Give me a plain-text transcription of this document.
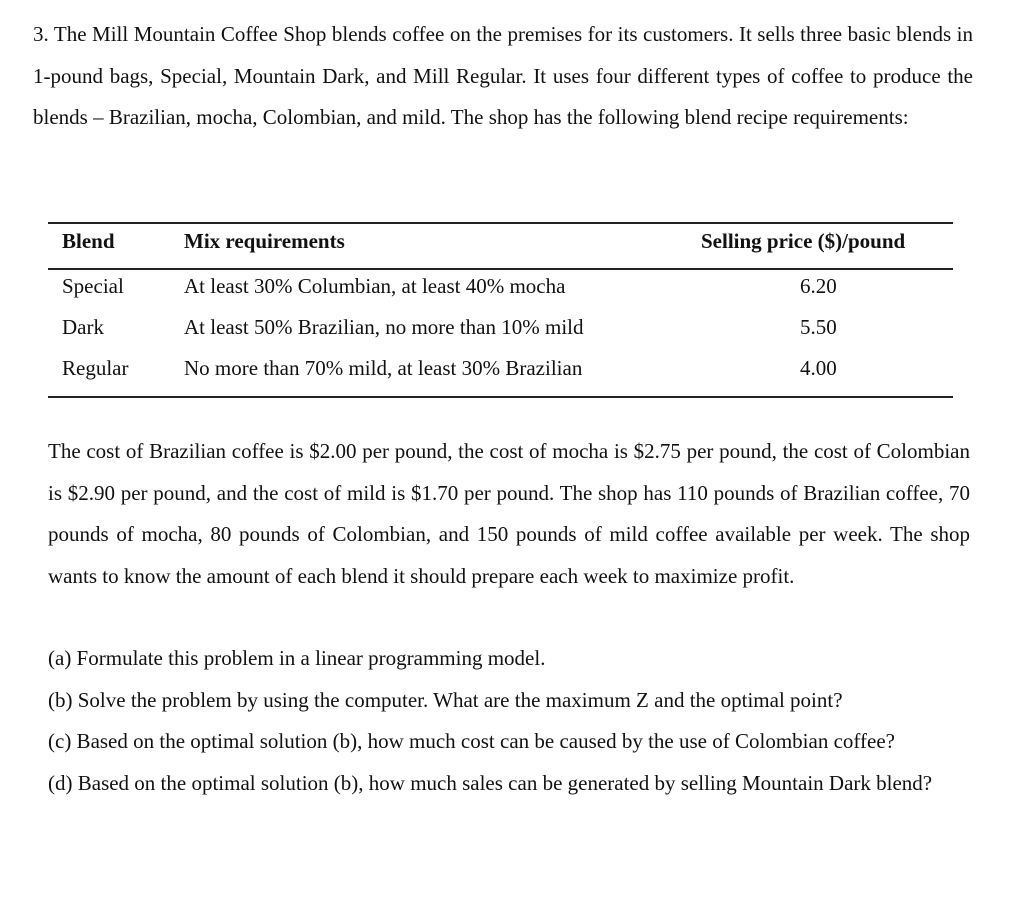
3. The Mill Mountain Coffee Shop blends coffee on the premises for its customers. It sells three basic blends in 1-pound bags, Special, Mountain Dark, and Mill Regular. It uses four different types of coffee to produce the blends – Brazilian, mocha, Colombian, and mild. The shop has the following blend recipe requirements:

Blend	Mix requirements	Selling price ($)/pound
Special	At least 30% Columbian, at least 40% mocha	6.20
Dark	At least 50% Brazilian, no more than 10% mild	5.50
Regular	No more than 70% mild, at least 30% Brazilian	4.00

The cost of Brazilian coffee is $2.00 per pound, the cost of mocha is $2.75 per pound, the cost of Colombian is $2.90 per pound, and the cost of mild is $1.70 per pound. The shop has 110 pounds of Brazilian coffee, 70 pounds of mocha, 80 pounds of Colombian, and 150 pounds of mild coffee available per week. The shop wants to know the amount of each blend it should prepare each week to maximize profit.

(a) Formulate this problem in a linear programming model.
(b) Solve the problem by using the computer. What are the maximum Z and the optimal point?
(c) Based on the optimal solution (b), how much cost can be caused by the use of Colombian coffee?
(d) Based on the optimal solution (b), how much sales can be generated by selling Mountain Dark blend?
